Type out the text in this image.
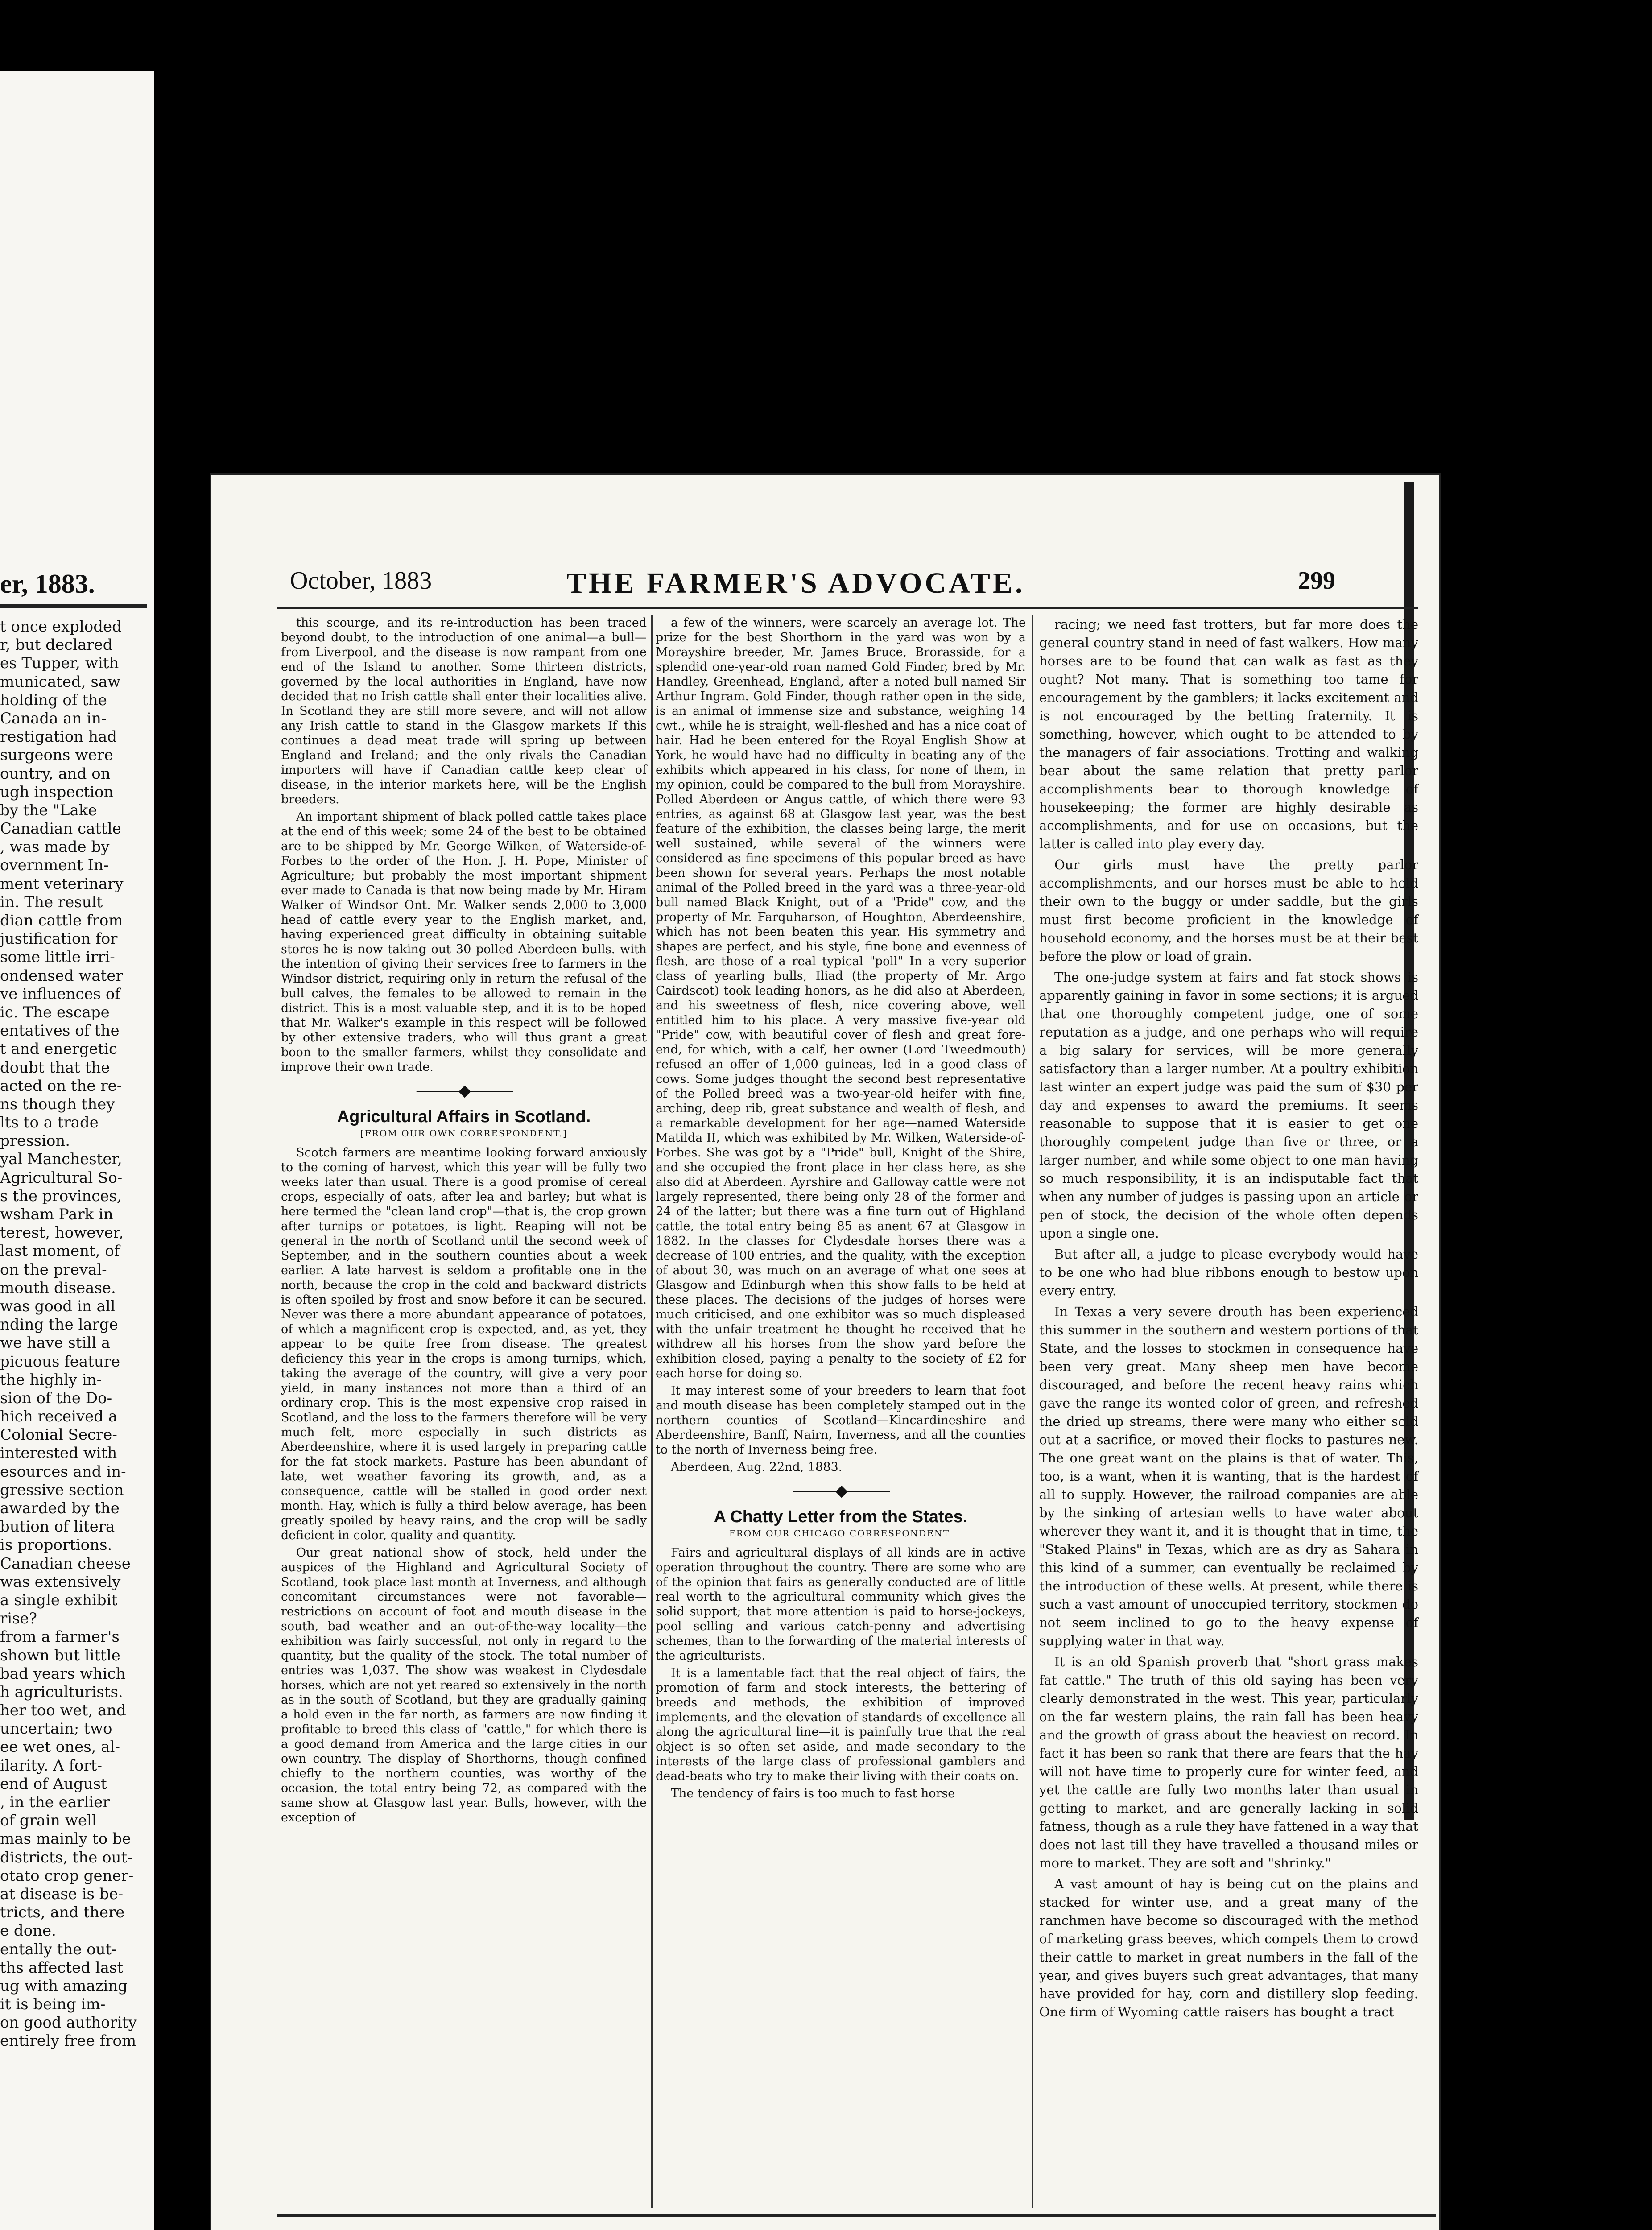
er, 1883.
t once exploded
r, but declared
es Tupper, with
municated, saw
holding of the
Canada an in-
restigation had
surgeons were
ountry, and on
ugh inspection
by the "Lake
Canadian cattle
, was made by
overnment In-
ment veterinary
in. The result
dian cattle from
justification for
some little irri-
ondensed water
ve influences of
ic. The escape
entatives of the
t and energetic
doubt that the
acted on the re-
ns though they
lts to a trade
pression.
yal Manchester,
Agricultural So-
s the provinces,
wsham Park in
terest, however,
last moment, of
on the preval-
mouth disease.
was good in all
nding the large
we have still a
picuous feature
the highly in-
sion of the Do-
hich received a
Colonial Secre-
interested with
esources and in-
gressive section
awarded by the
bution of litera
is proportions.
Canadian cheese
was extensively
a single exhibit
rise?
from a farmer's
shown but little
bad years which
h agriculturists.
her too wet, and
uncertain; two
ee wet ones, al-
ilarity. A fort-
end of August
, in the earlier
of grain well
mas mainly to be
districts, the out-
otato crop gener-
at disease is be-
tricts, and there
e done.
entally the out-
ths affected last
ug with amazing
it is being im-
on good authority
entirely free from
October, 1883	THE FARMER'S ADVOCATE.	299

this scourge, and its re-introduction has been traced beyond doubt, to the introduction of one animal—a bull—from Liverpool, and the disease is now rampant from one end of the Island to another. Some thirteen districts, governed by the local authorities in England, have now decided that no Irish cattle shall enter their localities alive. In Scotland they are still more severe, and will not allow any Irish cattle to stand in the Glasgow markets If this continues a dead meat trade will spring up between England and Ireland; and the only rivals the Canadian importers will have if Canadian cattle keep clear of disease, in the interior markets here, will be the English breeders.

An important shipment of black polled cattle takes place at the end of this week; some 24 of the best to be obtained are to be shipped by Mr. George Wilken, of Waterside-of-Forbes to the order of the Hon. J. H. Pope, Minister of Agriculture; but probably the most important shipment ever made to Canada is that now being made by Mr. Hiram Walker of Windsor Ont. Mr. Walker sends 2,000 to 3,000 head of cattle every year to the English market, and, having experienced great difficulty in obtaining suitable stores he is now taking out 30 polled Aberdeen bulls. with the intention of giving their services free to farmers in the Windsor district, requiring only in return the refusal of the bull calves, the females to be allowed to remain in the district. This is a most valuable step, and it is to be hoped that Mr. Walker's example in this respect will be followed by other extensive traders, who will thus grant a great boon to the smaller farmers, whilst they consolidate and improve their own trade.

———◆———

Agricultural Affairs in Scotland.

[FROM OUR OWN CORRESPONDENT.]

Scotch farmers are meantime looking forward anxiously to the coming of harvest, which this year will be fully two weeks later than usual. There is a good promise of cereal crops, especially of oats, after lea and barley; but what is here termed the "clean land crop"—that is, the crop grown after turnips or potatoes, is light. Reaping will not be general in the north of Scotland until the second week of September, and in the southern counties about a week earlier. A late harvest is seldom a profitable one in the north, because the crop in the cold and backward districts is often spoiled by frost and snow before it can be secured. Never was there a more abundant appearance of potatoes, of which a magnificent crop is expected, and, as yet, they appear to be quite free from disease. The greatest deficiency this year in the crops is among turnips, which, taking the average of the country, will give a very poor yield, in many instances not more than a third of an ordinary crop. This is the most expensive crop raised in Scotland, and the loss to the farmers therefore will be very much felt, more especially in such districts as Aberdeenshire, where it is used largely in preparing cattle for the fat stock markets. Pasture has been abundant of late, wet weather favoring its growth, and, as a consequence, cattle will be stalled in good order next month. Hay, which is fully a third below average, has been greatly spoiled by heavy rains, and the crop will be sadly deficient in color, quality and quantity.

Our great national show of stock, held under the auspices of the Highland and Agricultural Society of Scotland, took place last month at Inverness, and although concomitant circumstances were not favorable—restrictions on account of foot and mouth disease in the south, bad weather and an out-of-the-way locality—the exhibition was fairly successful, not only in regard to the quantity, but the quality of the stock. The total number of entries was 1,037. The show was weakest in Clydesdale horses, which are not yet reared so extensively in the north as in the south of Scotland, but they are gradually gaining a hold even in the far north, as farmers are now finding it profitable to breed this class of "cattle," for which there is a good demand from America and the large cities in our own country. The display of Shorthorns, though confined chiefly to the northern counties, was worthy of the occasion, the total entry being 72, as compared with the same show at Glasgow last year. Bulls, however, with the exception of

a few of the winners, were scarcely an average lot. The prize for the best Shorthorn in the yard was won by a Morayshire breeder, Mr. James Bruce, Brorasside, for a splendid one-year-old roan named Gold Finder, bred by Mr. Handley, Greenhead, England, after a noted bull named Sir Arthur Ingram. Gold Finder, though rather open in the side, is an animal of immense size and substance, weighing 14 cwt., while he is straight, well-fleshed and has a nice coat of hair. Had he been entered for the Royal English Show at York, he would have had no difficulty in beating any of the exhibits which appeared in his class, for none of them, in my opinion, could be compared to the bull from Morayshire. Polled Aberdeen or Angus cattle, of which there were 93 entries, as against 68 at Glasgow last year, was the best feature of the exhibition, the classes being large, the merit well sustained, while several of the winners were considered as fine specimens of this popular breed as have been shown for several years. Perhaps the most notable animal of the Polled breed in the yard was a three-year-old bull named Black Knight, out of a "Pride" cow, and the property of Mr. Farquharson, of Houghton, Aberdeenshire, which has not been beaten this year. His symmetry and shapes are perfect, and his style, fine bone and evenness of flesh, are those of a real typical "poll" In a very superior class of yearling bulls, Iliad (the property of Mr. Argo Cairdscot) took leading honors, as he did also at Aberdeen, and his sweetness of flesh, nice covering above, well entitled him to his place. A very massive five-year old "Pride" cow, with beautiful cover of flesh and great fore-end, for which, with a calf, her owner (Lord Tweedmouth) refused an offer of 1,000 guineas, led in a good class of cows. Some judges thought the second best representative of the Polled breed was a two-year-old heifer with fine, arching, deep rib, great substance and wealth of flesh, and a remarkable development for her age—named Waterside Matilda II, which was exhibited by Mr. Wilken, Waterside-of-Forbes. She was got by a "Pride" bull, Knight of the Shire, and she occupied the front place in her class here, as she also did at Aberdeen. Ayrshire and Galloway cattle were not largely represented, there being only 28 of the former and 24 of the latter; but there was a fine turn out of Highland cattle, the total entry being 85 as anent 67 at Glasgow in 1882. In the classes for Clydesdale horses there was a decrease of 100 entries, and the quality, with the exception of about 30, was much on an average of what one sees at Glasgow and Edinburgh when this show falls to be held at these places. The decisions of the judges of horses were much criticised, and one exhibitor was so much displeased with the unfair treatment he thought he received that he withdrew all his horses from the show yard before the exhibition closed, paying a penalty to the society of £2 for each horse for doing so.

It may interest some of your breeders to learn that foot and mouth disease has been completely stamped out in the northern counties of Scotland—Kincardineshire and Aberdeenshire, Banff, Nairn, Inverness, and all the counties to the north of Inverness being free.

Aberdeen, Aug. 22nd, 1883.

———◆———

A Chatty Letter from the States.

FROM OUR CHICAGO CORRESPONDENT.

Fairs and agricultural displays of all kinds are in active operation throughout the country. There are some who are of the opinion that fairs as generally conducted are of little real worth to the agricultural community which gives the solid support; that more attention is paid to horse-jockeys, pool selling and various catch-penny and advertising schemes, than to the forwarding of the material interests of the agriculturists.

It is a lamentable fact that the real object of fairs, the promotion of farm and stock interests, the bettering of breeds and methods, the exhibition of improved implements, and the elevation of standards of excellence all along the agricultural line—it is painfully true that the real object is so often set aside, and made secondary to the interests of the large class of professional gamblers and dead-beats who try to make their living with their coats on.

The tendency of fairs is too much to fast horse

racing; we need fast trotters, but far more does the general country stand in need of fast walkers. How many horses are to be found that can walk as fast as they ought? Not many. That is something too tame for encouragement by the gamblers; it lacks excitement and is not encouraged by the betting fraternity. It is something, however, which ought to be attended to by the managers of fair associations. Trotting and walking bear about the same relation that pretty parlor accomplishments bear to thorough knowledge of housekeeping; the former are highly desirable as accomplishments, and for use on occasions, but the latter is called into play every day.

Our girls must have the pretty parlor accomplishments, and our horses must be able to hold their own to the buggy or under saddle, but the girls must first become proficient in the knowledge of household economy, and the horses must be at their best before the plow or load of grain.

The one-judge system at fairs and fat stock shows is apparently gaining in favor in some sections; it is argued that one thoroughly competent judge, one of some reputation as a judge, and one perhaps who will require a big salary for services, will be more generally satisfactory than a larger number. At a poultry exhibition last winter an expert judge was paid the sum of $30 per day and expenses to award the premiums. It seems reasonable to suppose that it is easier to get one thoroughly competent judge than five or three, or a larger number, and while some object to one man having so much responsibility, it is an indisputable fact that when any number of judges is passing upon an article or pen of stock, the decision of the whole often depends upon a single one.

But after all, a judge to please everybody would have to be one who had blue ribbons enough to bestow upon every entry.

In Texas a very severe drouth has been experienced this summer in the southern and western portions of that State, and the losses to stockmen in consequence have been very great. Many sheep men have become discouraged, and before the recent heavy rains which gave the range its wonted color of green, and refreshed the dried up streams, there were many who either sold out at a sacrifice, or moved their flocks to pastures new. The one great want on the plains is that of water. This, too, is a want, when it is wanting, that is the hardest of all to supply. However, the railroad companies are able by the sinking of artesian wells to have water about wherever they want it, and it is thought that in time, the "Staked Plains" in Texas, which are as dry as Sahara in this kind of a summer, can eventually be reclaimed by the introduction of these wells. At present, while there is such a vast amount of unoccupied territory, stockmen do not seem inclined to go to the heavy expense of supplying water in that way.

It is an old Spanish proverb that "short grass makes fat cattle." The truth of this old saying has been very clearly demonstrated in the west. This year, particularly on the far western plains, the rain fall has been heavy and the growth of grass about the heaviest on record. In fact it has been so rank that there are fears that the hay will not have time to properly cure for winter feed, and yet the cattle are fully two months later than usual in getting to market, and are generally lacking in solid fatness, though as a rule they have fattened in a way that does not last till they have travelled a thousand miles or more to market. They are soft and "shrinky."

A vast amount of hay is being cut on the plains and stacked for winter use, and a great many of the ranchmen have become so discouraged with the method of marketing grass beeves, which compels them to crowd their cattle to market in great numbers in the fall of the year, and gives buyers such great advantages, that many have provided for hay, corn and distillery slop feeding. One firm of Wyoming cattle raisers has bought a tract
